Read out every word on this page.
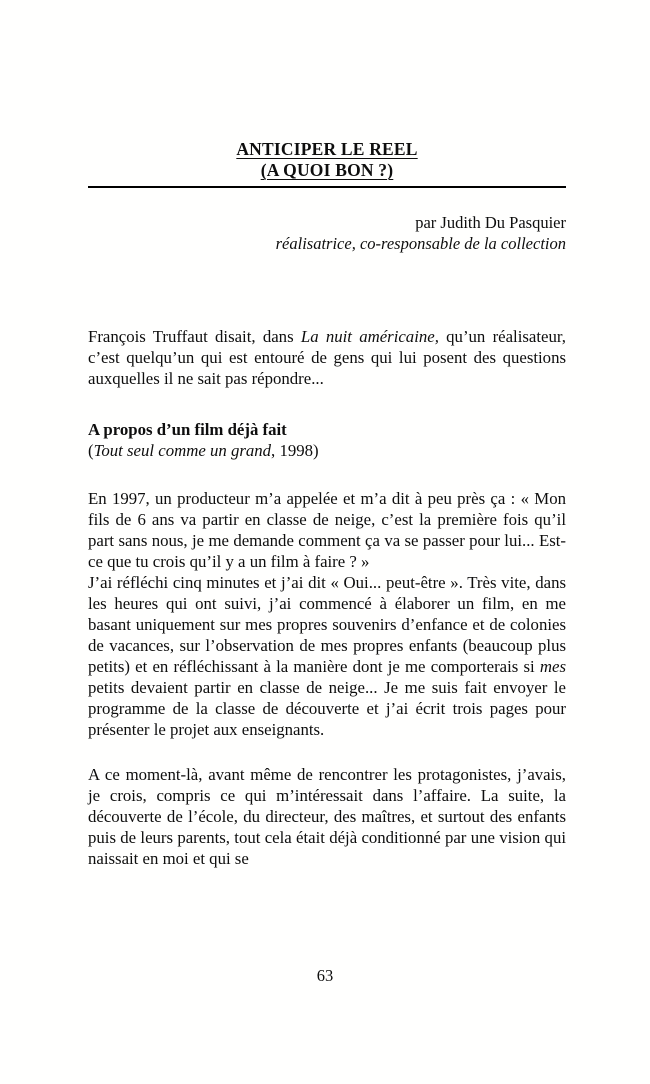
ANTICIPER LE REEL
(A QUOI BON ?)
par Judith Du Pasquier
réalisatrice, co-responsable de la collection

François Truffaut disait, dans La nuit américaine, qu’un réalisateur, c’est quelqu’un qui est entouré de gens qui lui posent des questions auxquelles il ne sait pas répondre...

A propos d’un film déjà fait
(Tout seul comme un grand, 1998)

En 1997, un producteur m’a appelée et m’a dit à peu près ça : « Mon fils de 6 ans va partir en classe de neige, c’est la première fois qu’il part sans nous, je me demande comment ça va se passer pour lui... Est-ce que tu crois qu’il y a un film à faire ? »
J’ai réfléchi cinq minutes et j’ai dit « Oui... peut-être ». Très vite, dans les heures qui ont suivi, j’ai commencé à élaborer un film, en me basant uniquement sur mes propres souvenirs d’enfance et de colonies de vacances, sur l’observation de mes propres enfants (beaucoup plus petits) et en réfléchissant à la manière dont je me comporterais si mes petits devaient partir en classe de neige... Je me suis fait envoyer le programme de la classe de découverte et j’ai écrit trois pages pour présenter le projet aux enseignants.

A ce moment-là, avant même de rencontrer les protagonistes, j’avais, je crois, compris ce qui m’intéressait dans l’affaire. La suite, la découverte de l’école, du directeur, des maîtres, et surtout des enfants puis de leurs parents, tout cela était déjà conditionné par une vision qui naissait en moi et qui se

63
